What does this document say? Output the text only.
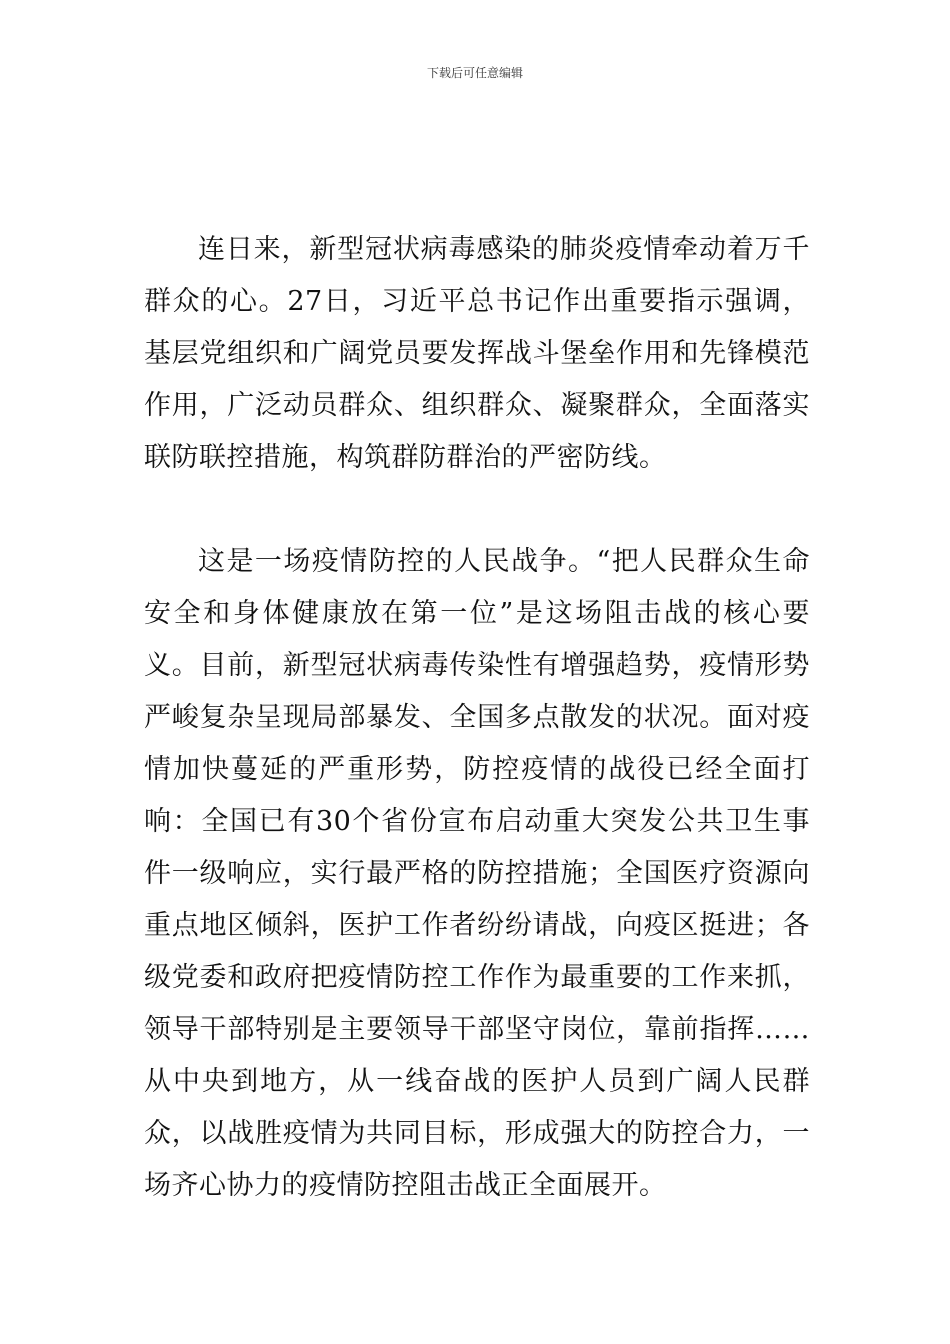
下载后可任意编辑

连日来，新型冠状病毒感染的肺炎疫情牵动着万千群众的心。27日，习近平总书记作出重要指示强调，基层党组织和广阔党员要发挥战斗堡垒作用和先锋模范作用，广泛动员群众、组织群众、凝聚群众，全面落实联防联控措施，构筑群防群治的严密防线。

这是一场疫情防控的人民战争。“把人民群众生命安全和身体健康放在第一位”是这场阻击战的核心要义。目前，新型冠状病毒传染性有增强趋势，疫情形势严峻复杂呈现局部暴发、全国多点散发的状况。面对疫情加快蔓延的严重形势，防控疫情的战役已经全面打响：全国已有30个省份宣布启动重大突发公共卫生事件一级响应，实行最严格的防控措施；全国医疗资源向重点地区倾斜，医护工作者纷纷请战，向疫区挺进；各级党委和政府把疫情防控工作作为最重要的工作来抓，领导干部特别是主要领导干部坚守岗位，靠前指挥……从中央到地方，从一线奋战的医护人员到广阔人民群众，以战胜疫情为共同目标，形成强大的防控合力，一场齐心协力的疫情防控阻击战正全面展开。
